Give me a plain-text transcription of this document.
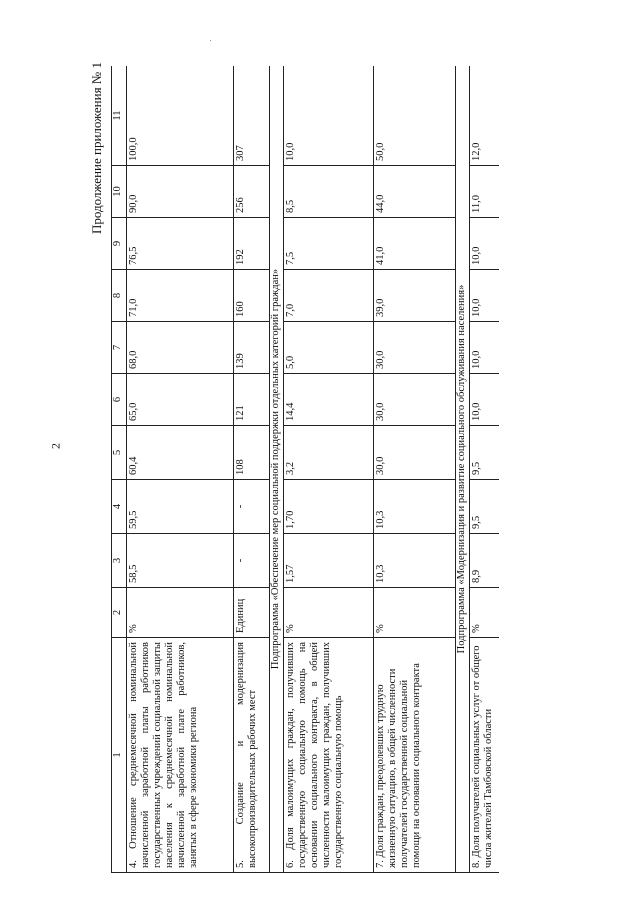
2
Продолжение приложения № 1
1	2	3	4	5	6	7	8	9	10	11
4. Отношение среднемесячной номинальной начисленной заработной платы работников государственных учреждений социальной защиты населения к среднемесячной номинальной начисленной заработной плате работников, занятых в сфере экономики региона	%	58,5	59,5	60,4	65,0	68,0	71,0	76,5	90,0	100,0
5. Создание и модернизация высокопроизводительных рабочих мест	Единиц	-	-	108	121	139	160	192	256	307
Подпрограмма «Обеспечение мер социальной поддержки отдельных категорий граждан»										
6. Доля малоимущих граждан, получивших государственную социальную помощь на основании социального контракта, в общей численности малоимущих граждан, получивших государственную социальную помощь	%	1,57	1,70	3,2	14,4	5,0	7,0	7,5	8,5	10,0
7. Доля граждан, преодолевших трудную жизненную ситуацию, в общей численности получателей государственной социальной помощи на основании социального контракта	%	10,3	10,3	30,0	30,0	30,0	39,0	41,0	44,0	50,0
Подпрограмма «Модернизация и развитие социального обслуживания населения»										
8. Доля получателей социальных услуг от общего числа жителей Тамбовской области	%	8,9	9,5	9,5	10,0	10,0	10,0	10,0	11,0	12,0
